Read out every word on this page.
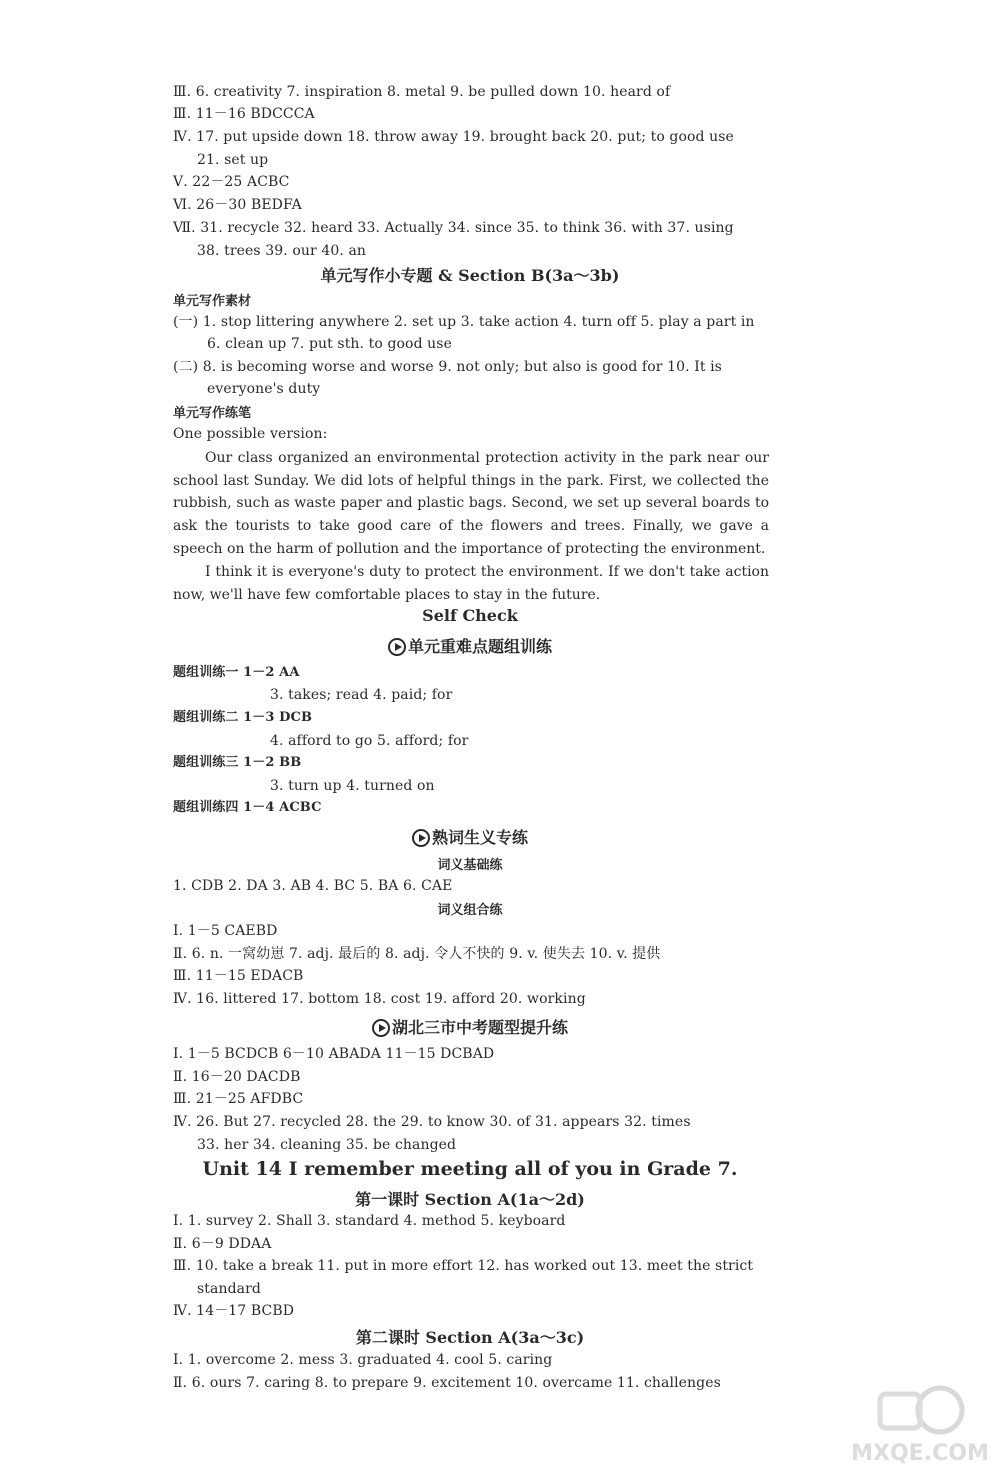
Ⅲ. 6. creativity 7. inspiration 8. metal 9. be pulled down 10. heard of
Ⅲ. 11－16 BDCCCA
Ⅳ. 17. put upside down 18. throw away 19. brought back 20. put; to good use
21. set up
Ⅴ. 22－25 ACBC
Ⅵ. 26－30 BEDFA
Ⅶ. 31. recycle 32. heard 33. Actually 34. since 35. to think 36. with 37. using
38. trees 39. our 40. an
单元写作小专题 & Section B(3a～3b)
单元写作素材
(一) 1. stop littering anywhere 2. set up 3. take action 4. turn off 5. play a part in
6. clean up 7. put sth. to good use
(二) 8. is becoming worse and worse 9. not only; but also is good for 10. It is
everyone's duty
单元写作练笔
One possible version:
Our class organized an environmental protection activity in the park near our school last Sunday. We did lots of helpful things in the park. First, we collected the rubbish, such as waste paper and plastic bags. Second, we set up several boards to ask the tourists to take good care of the flowers and trees. Finally, we gave a speech on the harm of pollution and the importance of protecting the environment.
I think it is everyone's duty to protect the environment. If we don't take action now, we'll have few comfortable places to stay in the future.
Self Check
单元重难点题组训练
题组训练一 1－2 AA
3. takes; read 4. paid; for
题组训练二 1－3 DCB
4. afford to go 5. afford; for
题组训练三 1－2 BB
3. turn up 4. turned on
题组训练四 1－4 ACBC
熟词生义专练
词义基础练
1. CDB 2. DA 3. AB 4. BC 5. BA 6. CAE
词义组合练
Ⅰ. 1－5 CAEBD
Ⅱ. 6. n. 一窝幼崽 7. adj. 最后的 8. adj. 令人不快的 9. v. 使失去 10. v. 提供
Ⅲ. 11－15 EDACB
Ⅳ. 16. littered 17. bottom 18. cost 19. afford 20. working
湖北三市中考题型提升练
Ⅰ. 1－5 BCDCB 6－10 ABADA 11－15 DCBAD
Ⅱ. 16－20 DACDB
Ⅲ. 21－25 AFDBC
Ⅳ. 26. But 27. recycled 28. the 29. to know 30. of 31. appears 32. times
33. her 34. cleaning 35. be changed
Unit 14 I remember meeting all of you in Grade 7.
第一课时 Section A(1a～2d)
Ⅰ. 1. survey 2. Shall 3. standard 4. method 5. keyboard
Ⅱ. 6－9 DDAA
Ⅲ. 10. take a break 11. put in more effort 12. has worked out 13. meet the strict
standard
Ⅳ. 14－17 BCBD
第二课时 Section A(3a～3c)
Ⅰ. 1. overcome 2. mess 3. graduated 4. cool 5. caring
Ⅱ. 6. ours 7. caring 8. to prepare 9. excitement 10. overcame 11. challenges
MXQE.COM
